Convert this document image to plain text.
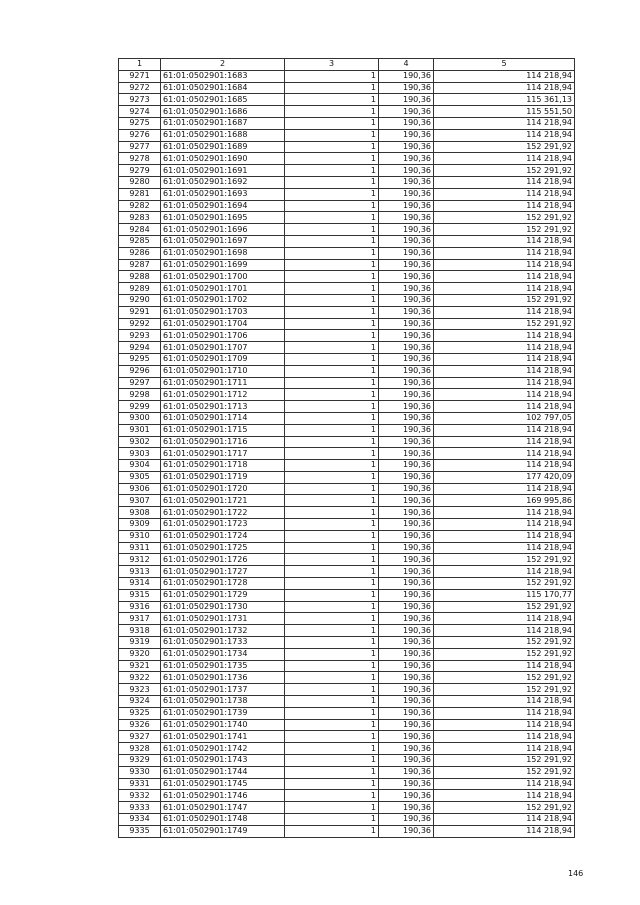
1	2	3	4	5
9271	61:01:0502901:1683	1	190,36	114 218,94
9272	61:01:0502901:1684	1	190,36	114 218,94
9273	61:01:0502901:1685	1	190,36	115 361,13
9274	61:01:0502901:1686	1	190,36	115 551,50
9275	61:01:0502901:1687	1	190,36	114 218,94
9276	61:01:0502901:1688	1	190,36	114 218,94
9277	61:01:0502901:1689	1	190,36	152 291,92
9278	61:01:0502901:1690	1	190,36	114 218,94
9279	61:01:0502901:1691	1	190,36	152 291,92
9280	61:01:0502901:1692	1	190,36	114 218,94
9281	61:01:0502901:1693	1	190,36	114 218,94
9282	61:01:0502901:1694	1	190,36	114 218,94
9283	61:01:0502901:1695	1	190,36	152 291,92
9284	61:01:0502901:1696	1	190,36	152 291,92
9285	61:01:0502901:1697	1	190,36	114 218,94
9286	61:01:0502901:1698	1	190,36	114 218,94
9287	61:01:0502901:1699	1	190,36	114 218,94
9288	61:01:0502901:1700	1	190,36	114 218,94
9289	61:01:0502901:1701	1	190,36	114 218,94
9290	61:01:0502901:1702	1	190,36	152 291,92
9291	61:01:0502901:1703	1	190,36	114 218,94
9292	61:01:0502901:1704	1	190,36	152 291,92
9293	61:01:0502901:1706	1	190,36	114 218,94
9294	61:01:0502901:1707	1	190,36	114 218,94
9295	61:01:0502901:1709	1	190,36	114 218,94
9296	61:01:0502901:1710	1	190,36	114 218,94
9297	61:01:0502901:1711	1	190,36	114 218,94
9298	61:01:0502901:1712	1	190,36	114 218,94
9299	61:01:0502901:1713	1	190,36	114 218,94
9300	61:01:0502901:1714	1	190,36	102 797,05
9301	61:01:0502901:1715	1	190,36	114 218,94
9302	61:01:0502901:1716	1	190,36	114 218,94
9303	61:01:0502901:1717	1	190,36	114 218,94
9304	61:01:0502901:1718	1	190,36	114 218,94
9305	61:01:0502901:1719	1	190,36	177 420,09
9306	61:01:0502901:1720	1	190,36	114 218,94
9307	61:01:0502901:1721	1	190,36	169 995,86
9308	61:01:0502901:1722	1	190,36	114 218,94
9309	61:01:0502901:1723	1	190,36	114 218,94
9310	61:01:0502901:1724	1	190,36	114 218,94
9311	61:01:0502901:1725	1	190,36	114 218,94
9312	61:01:0502901:1726	1	190,36	152 291,92
9313	61:01:0502901:1727	1	190,36	114 218,94
9314	61:01:0502901:1728	1	190,36	152 291,92
9315	61:01:0502901:1729	1	190,36	115 170,77
9316	61:01:0502901:1730	1	190,36	152 291,92
9317	61:01:0502901:1731	1	190,36	114 218,94
9318	61:01:0502901:1732	1	190,36	114 218,94
9319	61:01:0502901:1733	1	190,36	152 291,92
9320	61:01:0502901:1734	1	190,36	152 291,92
9321	61:01:0502901:1735	1	190,36	114 218,94
9322	61:01:0502901:1736	1	190,36	152 291,92
9323	61:01:0502901:1737	1	190,36	152 291,92
9324	61:01:0502901:1738	1	190,36	114 218,94
9325	61:01:0502901:1739	1	190,36	114 218,94
9326	61:01:0502901:1740	1	190,36	114 218,94
9327	61:01:0502901:1741	1	190,36	114 218,94
9328	61:01:0502901:1742	1	190,36	114 218,94
9329	61:01:0502901:1743	1	190,36	152 291,92
9330	61:01:0502901:1744	1	190,36	152 291,92
9331	61:01:0502901:1745	1	190,36	114 218,94
9332	61:01:0502901:1746	1	190,36	114 218,94
9333	61:01:0502901:1747	1	190,36	152 291,92
9334	61:01:0502901:1748	1	190,36	114 218,94
9335	61:01:0502901:1749	1	190,36	114 218,94
146
